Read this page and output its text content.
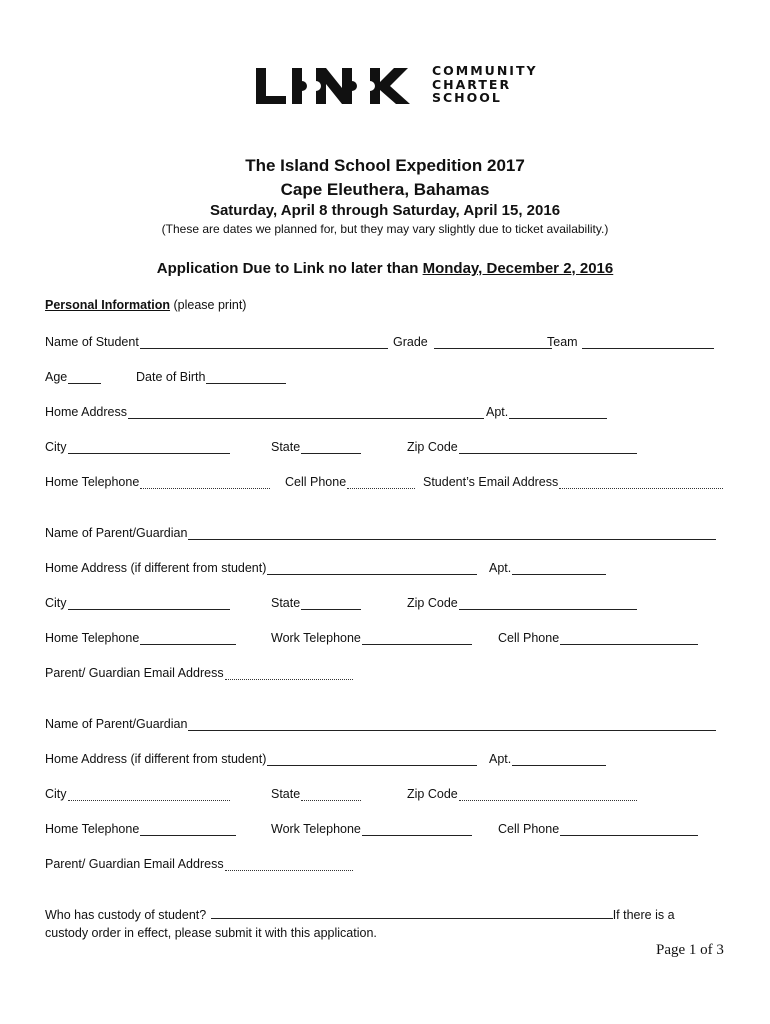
COMMUNITY
CHARTER
SCHOOL
The Island School Expedition 2017
Cape Eleuthera, Bahamas
Saturday, April 8 through Saturday, April 15, 2016
(These are dates we planned for, but they may vary slightly due to ticket availability.)
Application Due to Link no later than Monday, December 2, 2016
Personal Information (please print)
Name of Student	Grade	Team
Age	Date of Birth
Home Address	Apt.
City	State	Zip Code
Home Telephone	Cell Phone	Student’s Email Address
Name of Parent/Guardian
Home Address (if different from student)	Apt.
City	State	Zip Code
Home Telephone	Work Telephone	Cell Phone
Parent/ Guardian Email Address
Name of Parent/Guardian
Home Address (if different from student)	Apt.
City	State	Zip Code
Home Telephone	Work Telephone	Cell Phone
Parent/ Guardian Email Address
Who has custody of student?	If there is a
custody order in effect, please submit it with this application.
Page 1 of 3
